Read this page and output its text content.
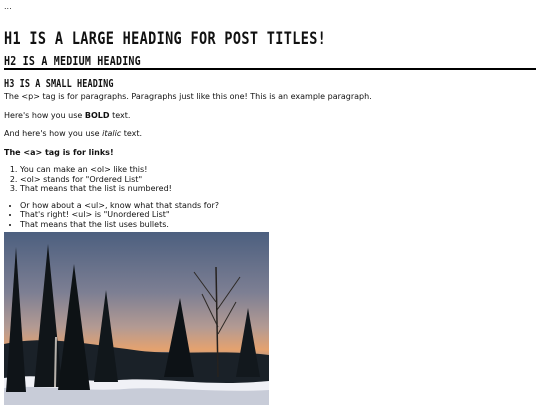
...
H1 IS A LARGE HEADING FOR POST TITLES!
H2 IS A MEDIUM HEADING
H3 IS A SMALL HEADING

The <p> tag is for paragraphs. Paragraphs just like this one! This is an example paragraph.

Here's how you use BOLD text.

And here's how you use italic text.

The <a> tag is for links!

1. You can make an <ol> like this!
2. <ol> stands for "Ordered List"
3. That means that the list is numbered!
• Or how about a <ul>, know what that stands for?
• That's right! <ul> is "Unordered List"
• That means that the list uses bullets.
